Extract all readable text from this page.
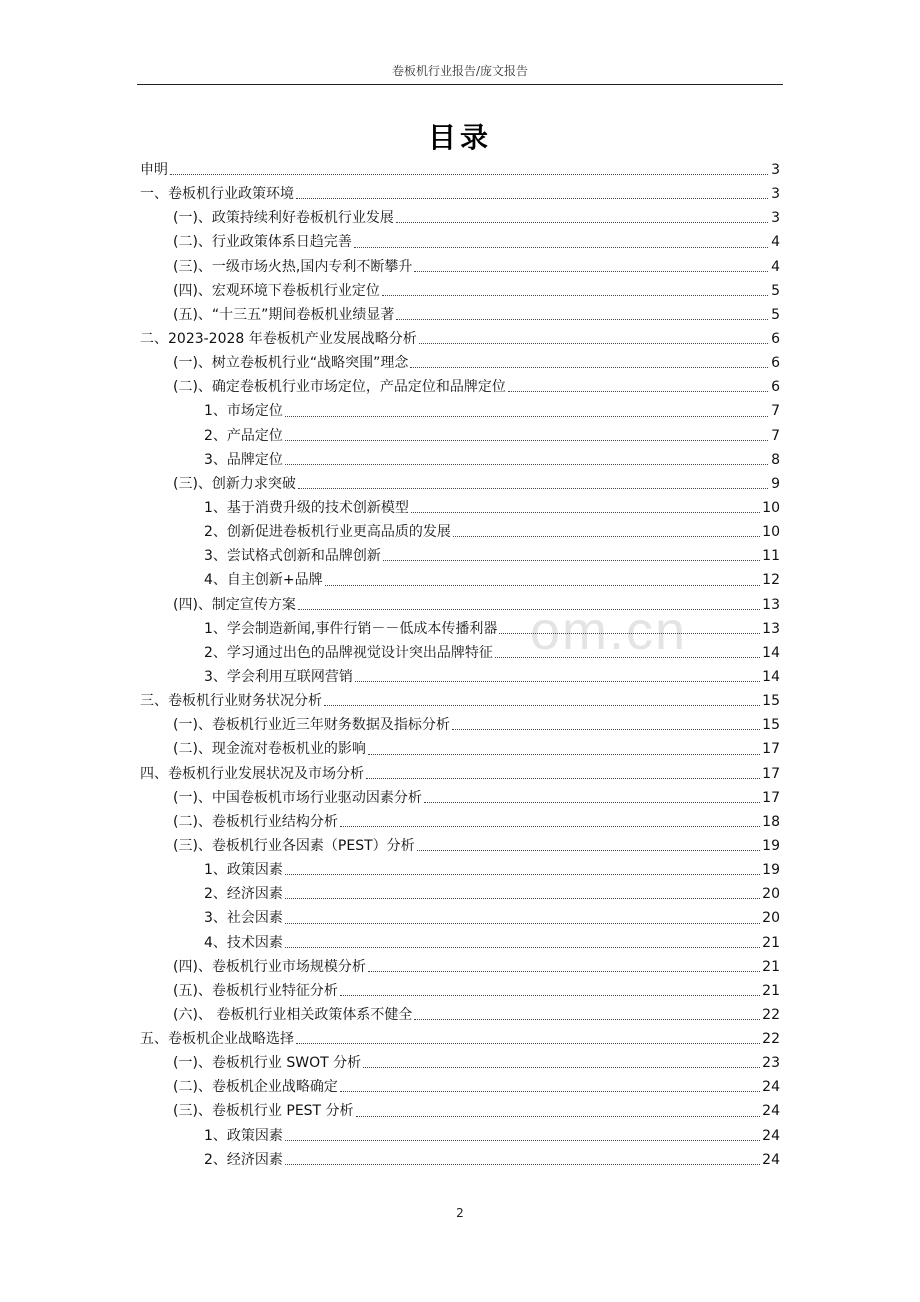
卷板机行业报告/庞文报告
目录
om.cn
申明	3
一、卷板机行业政策环境	3
(一)、政策持续利好卷板机行业发展	3
(二)、行业政策体系日趋完善	4
(三)、一级市场火热,国内专利不断攀升	4
(四)、宏观环境下卷板机行业定位	5
(五)、“十三五”期间卷板机业绩显著	5
二、2023-2028 年卷板机产业发展战略分析	6
(一)、树立卷板机行业“战略突围”理念	6
(二)、确定卷板机行业市场定位，产品定位和品牌定位	6
1、市场定位	7
2、产品定位	7
3、品牌定位	8
(三)、创新力求突破	9
1、基于消费升级的技术创新模型	10
2、创新促进卷板机行业更高品质的发展	10
3、尝试格式创新和品牌创新	11
4、自主创新+品牌	12
(四)、制定宣传方案	13
1、学会制造新闻,事件行销－－低成本传播利器	13
2、学习通过出色的品牌视觉设计突出品牌特征	14
3、学会利用互联网营销	14
三、卷板机行业财务状况分析	15
(一)、卷板机行业近三年财务数据及指标分析	15
(二)、现金流对卷板机业的影响	17
四、卷板机行业发展状况及市场分析	17
(一)、中国卷板机市场行业驱动因素分析	17
(二)、卷板机行业结构分析	18
(三)、卷板机行业各因素（PEST）分析	19
1、政策因素	19
2、经济因素	20
3、社会因素	20
4、技术因素	21
(四)、卷板机行业市场规模分析	21
(五)、卷板机行业特征分析	21
(六)、 卷板机行业相关政策体系不健全	22
五、卷板机企业战略选择	22
(一)、卷板机行业 SWOT 分析	23
(二)、卷板机企业战略确定	24
(三)、卷板机行业 PEST 分析	24
1、政策因素	24
2、经济因素	24
2
